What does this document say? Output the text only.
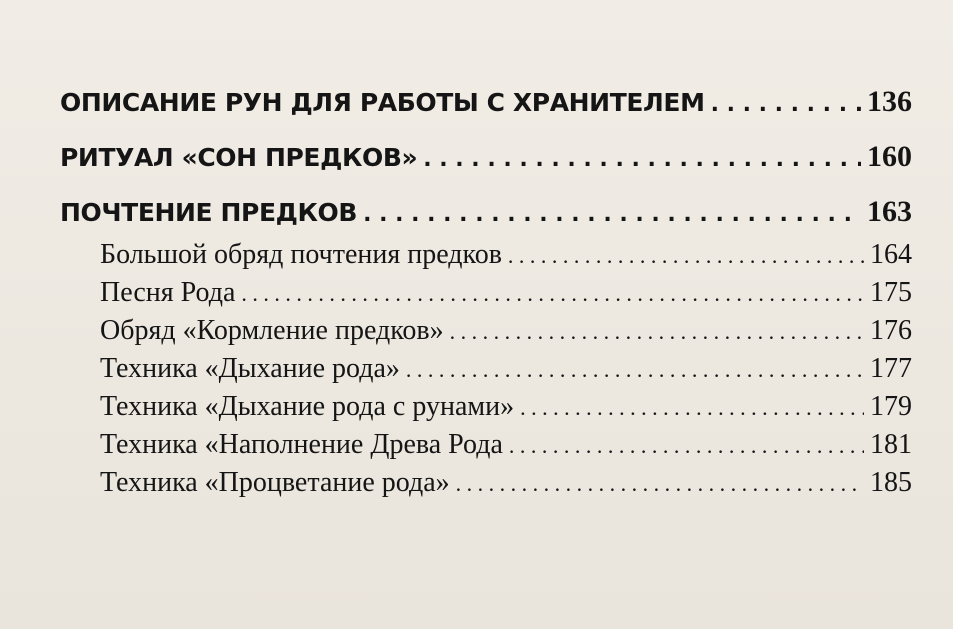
ОПИСАНИЕ РУН ДЛЯ РАБОТЫ С ХРАНИТЕЛЕМ . . .	136
РИТУАЛ «СОН ПРЕДКОВ» . . .	160
ПОЧТЕНИЕ ПРЕДКОВ . . .	163
Большой обряд почтения предков . . .	164
Песня Рода . . .	175
Обряд «Кормление предков» . . .	176
Техника «Дыхание рода» . . .	177
Техника «Дыхание рода с рунами» . . .	179
Техника «Наполнение Древа Рода . . .	181
Техника «Процветание рода» . . .	185
